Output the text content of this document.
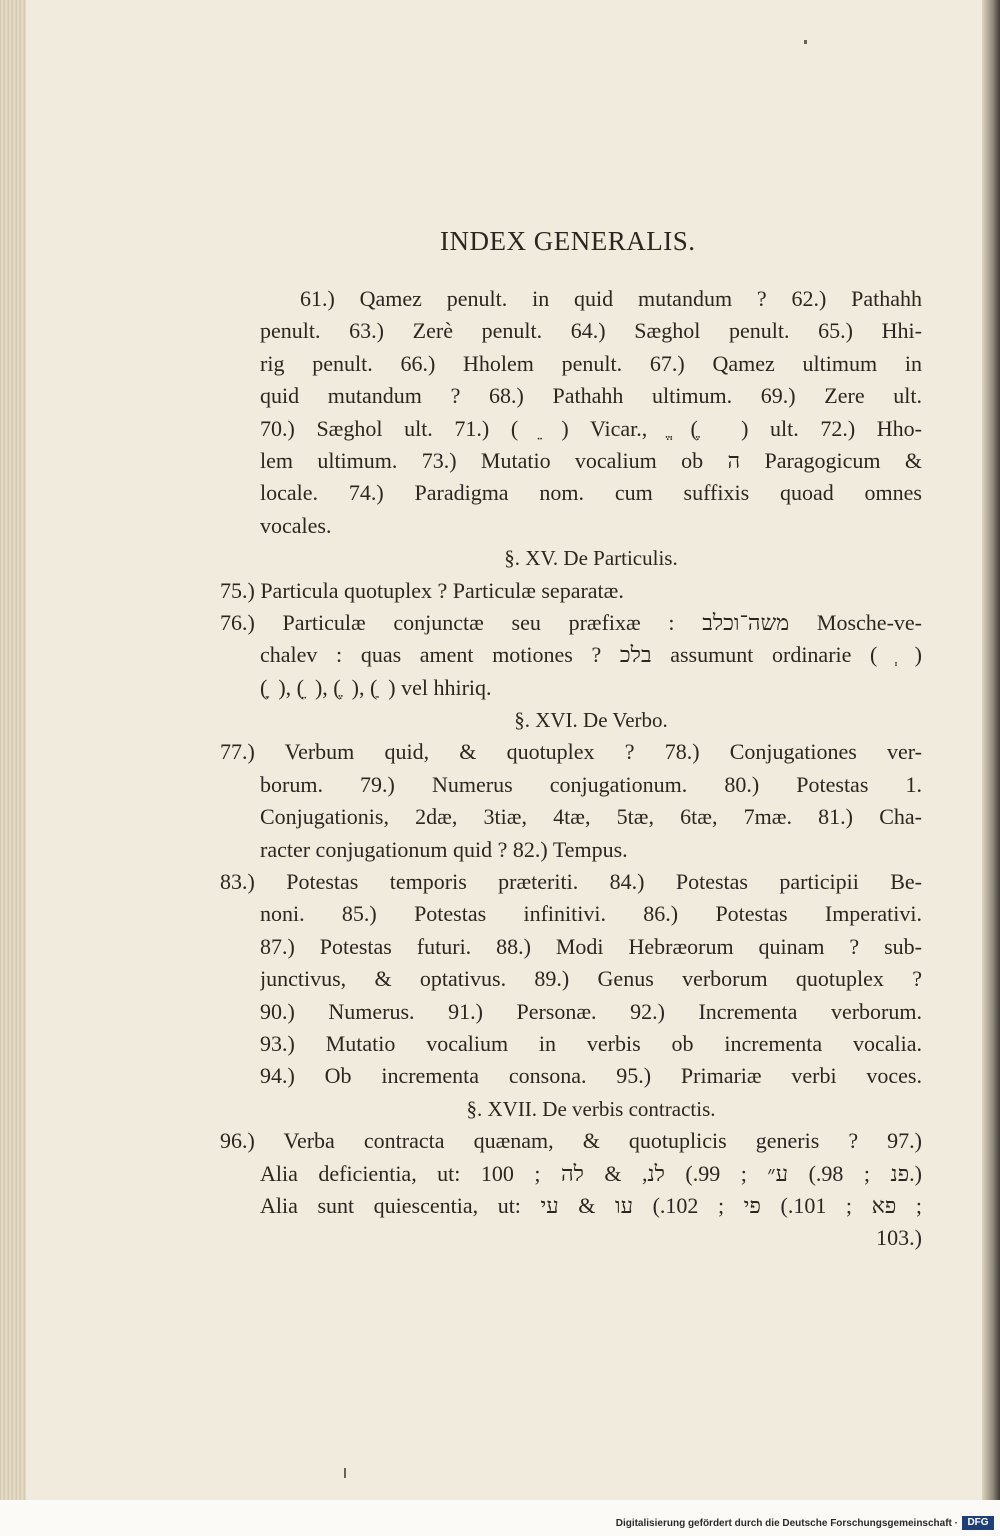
INDEX GENERALIS.
61.) Qamez penult. in quid mutandum ? 62.) Pathahh
penult. 63.) Zerè penult. 64.) Sæghol penult. 65.) Hhi-
rig penult. 66.) Hholem penult. 67.) Qamez ultimum in
quid mutandum ? 68.) Pathahh ultimum. 69.) Zere ult.
70.) Sæghol ult. 71.) ( ֵ ) Vicar., ֱ ( ֶ ) ult. 72.) Hho-
lem ultimum. 73.) Mutatio vocalium ob ה Paragogicum &
locale. 74.) Paradigma nom. cum suffixis quoad omnes
vocales.
§. XV. De Particulis.
75.) Particula quotuplex ? Particulæ separatæ.
76.) Particulæ conjunctæ seu præfixæ : משה־וכלב Mosche-ve-
chalev : quas ament motiones ? בלכ assumunt ordinarie ( ְ )
( ָ ), ( ֵ ), ( ֶ ), ( ַ ) vel hhiriq.
§. XVI. De Verbo.
77.) Verbum quid, & quotuplex ? 78.) Conjugationes ver-
borum. 79.) Numerus conjugationum. 80.) Potestas 1.
Conjugationis, 2dæ, 3tiæ, 4tæ, 5tæ, 6tæ, 7mæ. 81.) Cha-
racter conjugationum quid ? 82.) Tempus.
83.) Potestas temporis præteriti. 84.) Potestas participii Be-
noni. 85.) Potestas infinitivi. 86.) Potestas Imperativi.
87.) Potestas futuri. 88.) Modi Hebræorum quinam ? sub-
junctivus, & optativus. 89.) Genus verborum quotuplex ?
90.) Numerus. 91.) Personæ. 92.) Incrementa verborum.
93.) Mutatio vocalium in verbis ob incrementa vocalia.
94.) Ob incrementa consona. 95.) Primariæ verbi voces.
§. XVII. De verbis contractis.
96.) Verba contracta quænam, & quotuplicis generis ? 97.)
Alia deficientia, ut: פנ ; 98.) ע״ ; 99.) לנ, & לה ; 100.)
Alia sunt quiescentia, ut: פא ; 101.) פי ; 102.) עו & עי ;
103.)
Digitalisierung gefördert durch die Deutsche Forschungsgemeinschaft · DFG
